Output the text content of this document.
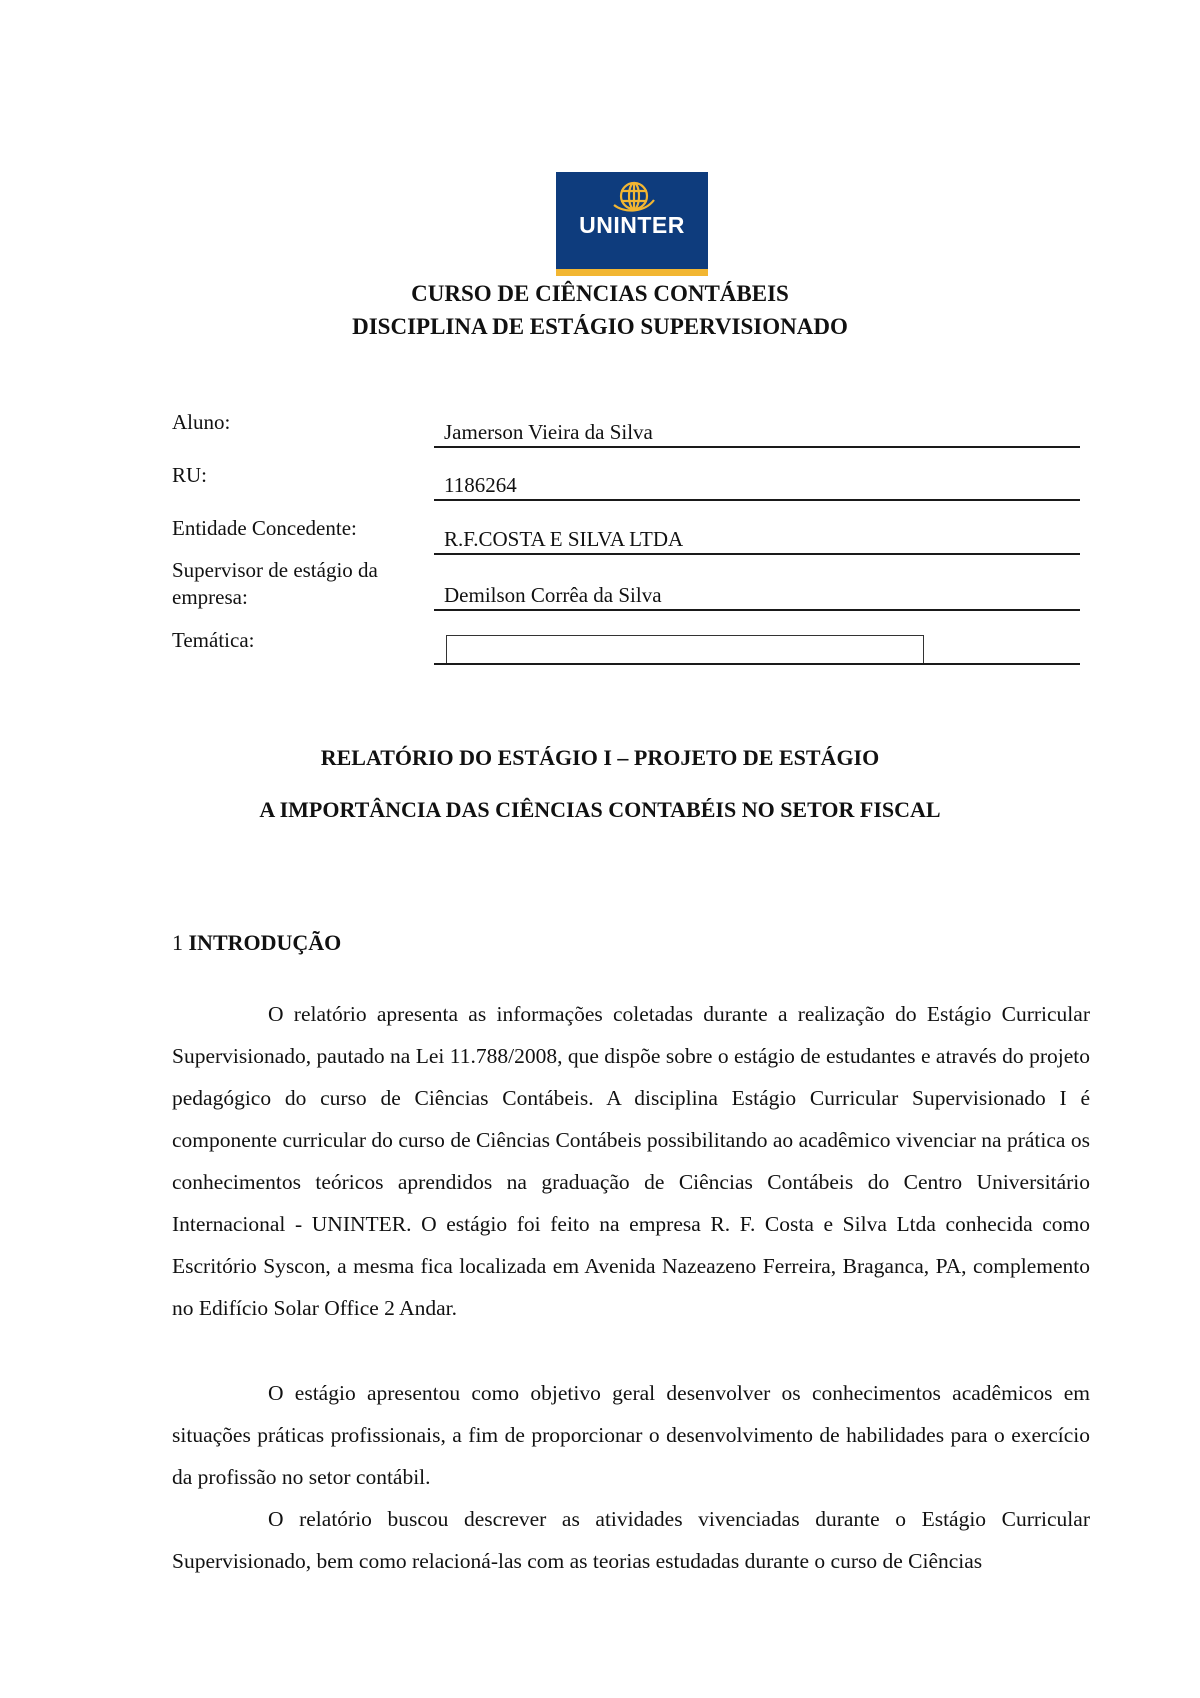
UNINTER
CURSO DE CIÊNCIAS CONTÁBEIS
DISCIPLINA DE ESTÁGIO SUPERVISIONADO
Aluno:	Jamerson Vieira da Silva
RU:	1186264
Entidade Concedente:	R.F.COSTA E SILVA LTDA
Supervisor de estágio da
empresa:	Demilson Corrêa da Silva
Temática:
RELATÓRIO DO ESTÁGIO I – PROJETO DE ESTÁGIO
A IMPORTÂNCIA DAS CIÊNCIAS CONTABÉIS NO SETOR FISCAL
1 INTRODUÇÃO

O relatório apresenta as informações coletadas durante a realização do Estágio Curricular Supervisionado, pautado na Lei 11.788/2008, que dispõe sobre o estágio de estudantes e através do projeto pedagógico do curso de Ciências Contábeis. A disciplina Estágio Curricular Supervisionado I é componente curricular do curso de Ciências Contábeis possibilitando ao acadêmico vivenciar na prática os conhecimentos teóricos aprendidos na graduação de Ciências Contábeis do Centro Universitário Internacional - UNINTER. O estágio foi feito na empresa R. F. Costa e Silva Ltda conhecida como Escritório Syscon, a mesma fica localizada em Avenida Nazeazeno Ferreira, Braganca, PA, complemento no Edifício Solar Office 2 Andar.

O estágio apresentou como objetivo geral desenvolver os conhecimentos acadêmicos em situações práticas profissionais, a fim de proporcionar o desenvolvimento de habilidades para o exercício da profissão no setor contábil.

O relatório buscou descrever as atividades vivenciadas durante o Estágio Curricular Supervisionado, bem como relacioná-las com as teorias estudadas durante o curso de Ciências
